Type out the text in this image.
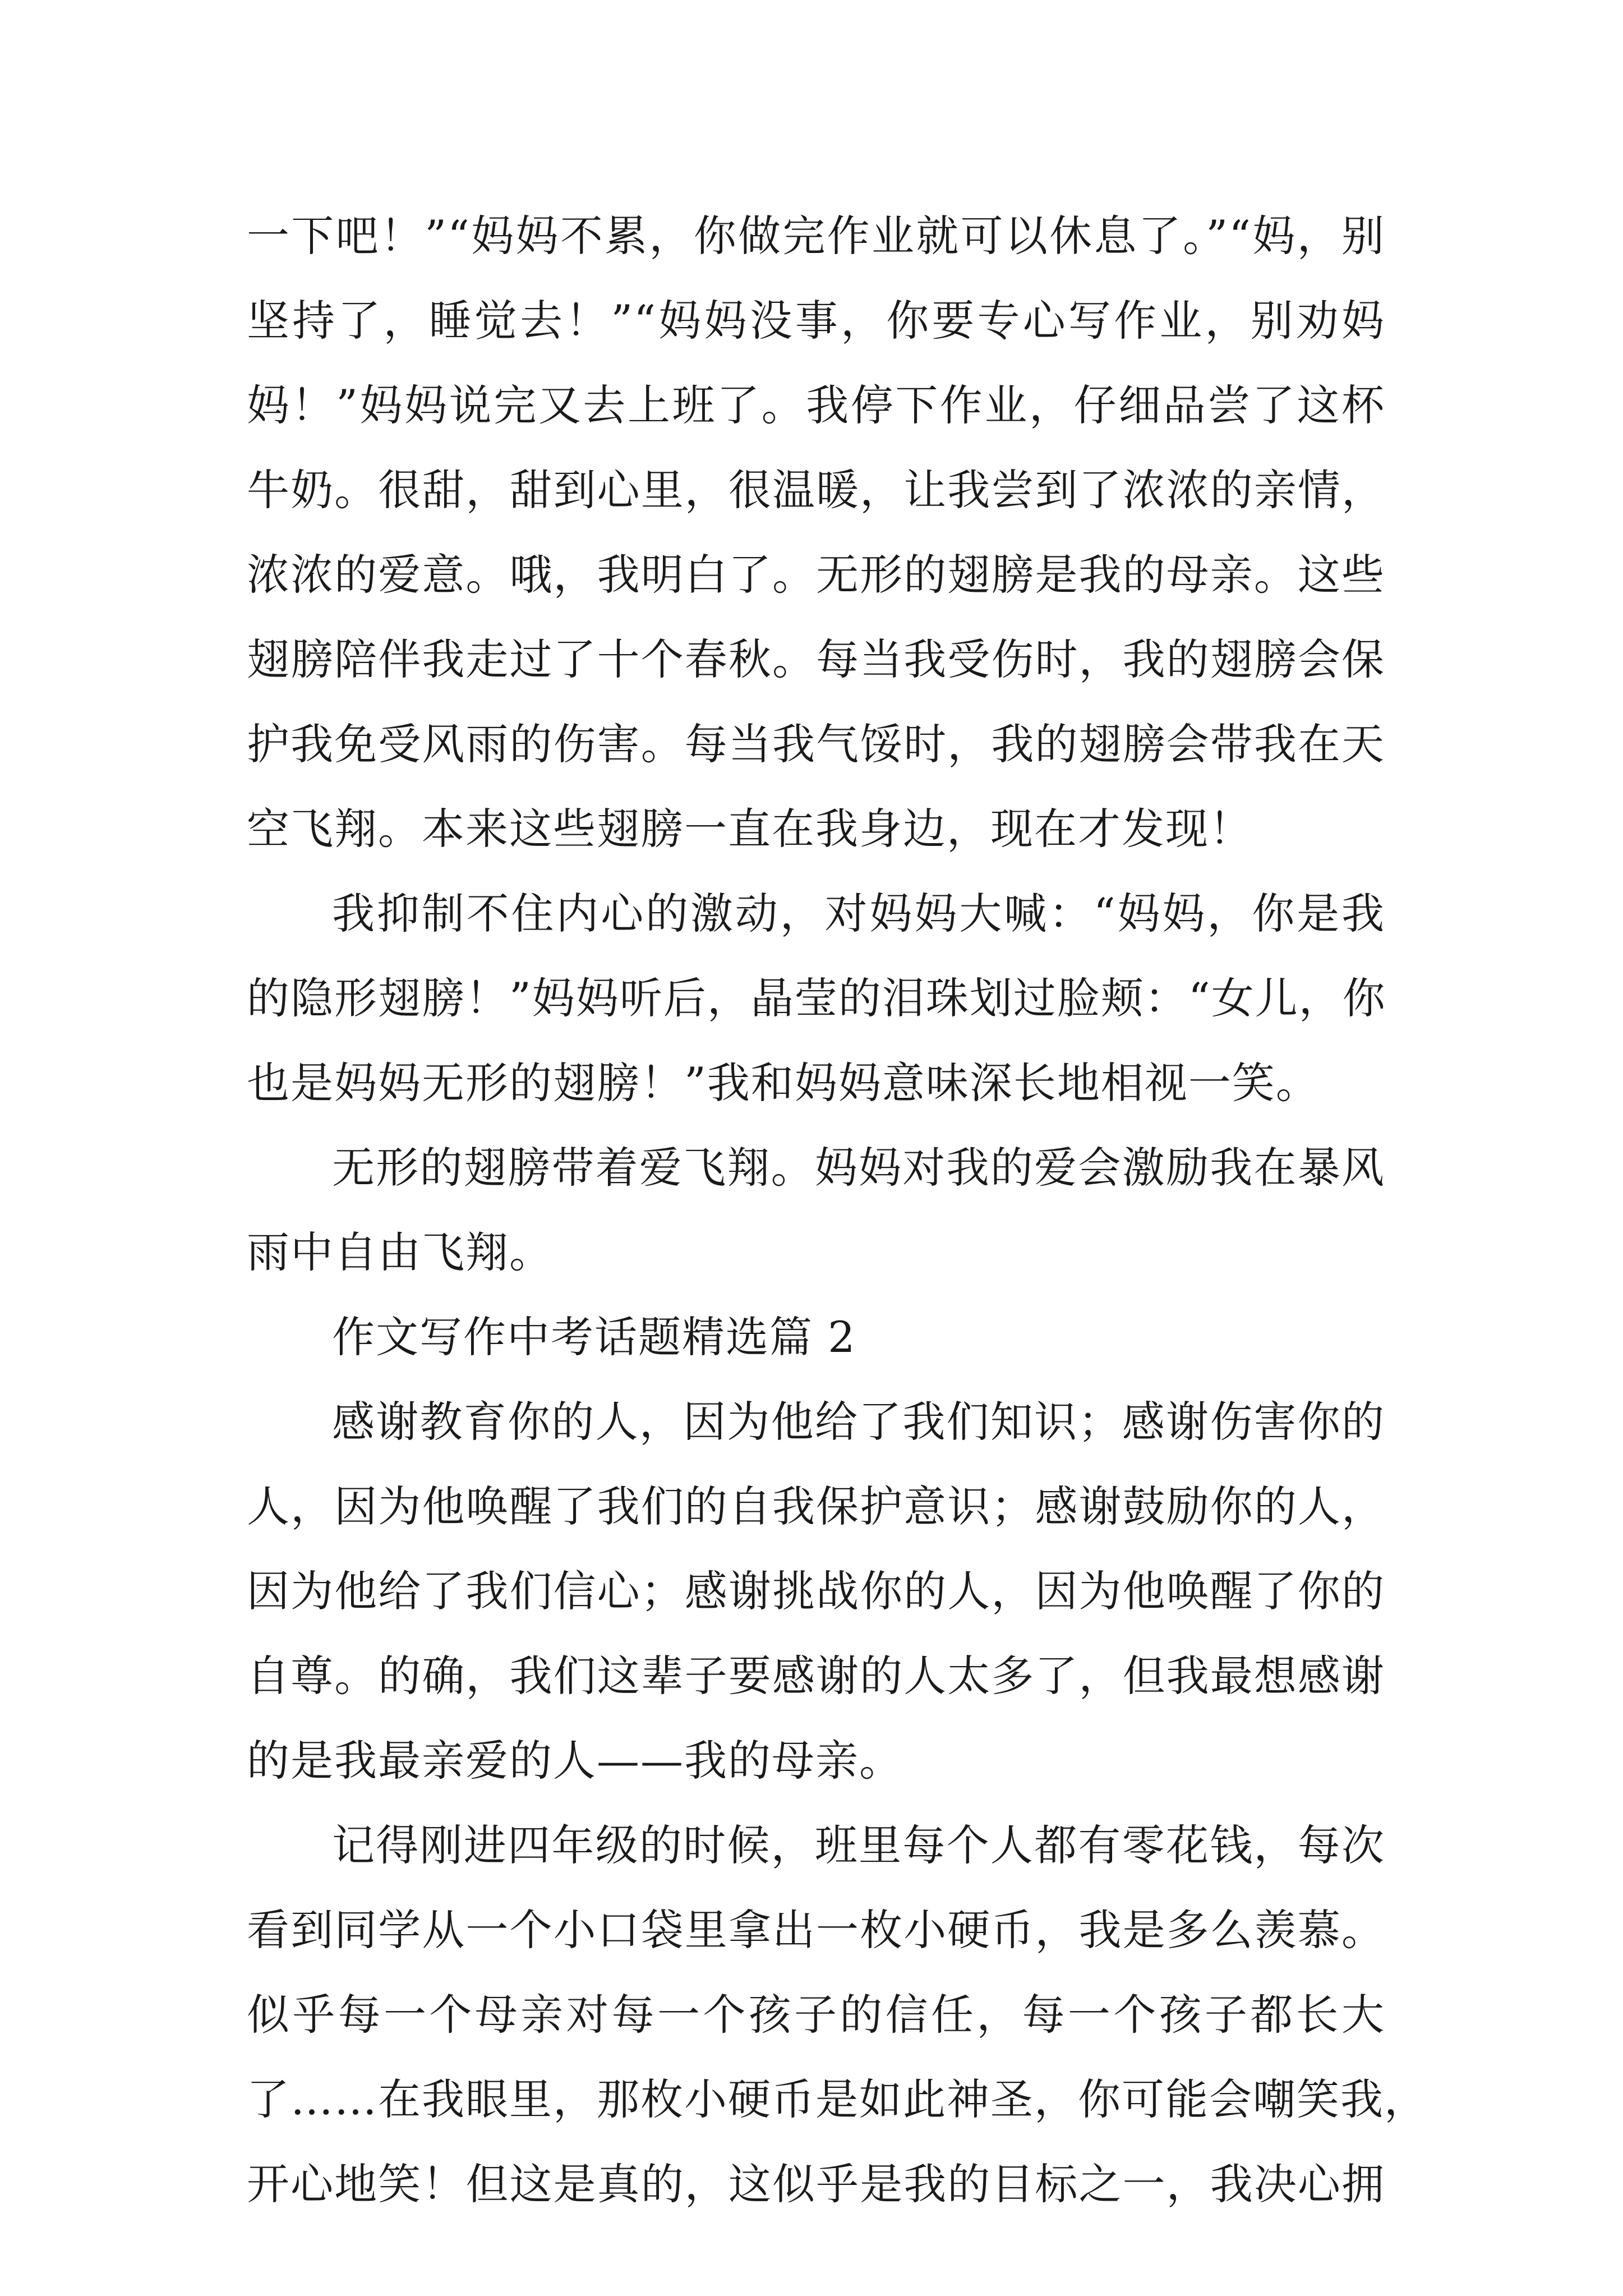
一下吧！”“妈妈不累，你做完作业就可以休息了。”“妈，别
坚持了，睡觉去！”“妈妈没事，你要专心写作业，别劝妈
妈！”妈妈说完又去上班了。我停下作业，仔细品尝了这杯
牛奶。很甜，甜到心里，很温暖，让我尝到了浓浓的亲情，
浓浓的爱意。哦，我明白了。无形的翅膀是我的母亲。这些
翅膀陪伴我走过了十个春秋。每当我受伤时，我的翅膀会保
护我免受风雨的伤害。每当我气馁时，我的翅膀会带我在天
空飞翔。本来这些翅膀一直在我身边，现在才发现！
我抑制不住内心的激动，对妈妈大喊：“妈妈，你是我
的隐形翅膀！”妈妈听后，晶莹的泪珠划过脸颊：“女儿，你
也是妈妈无形的翅膀！”我和妈妈意味深长地相视一笑。
无形的翅膀带着爱飞翔。妈妈对我的爱会激励我在暴风
雨中自由飞翔。
作文写作中考话题精选篇 2
感谢教育你的人，因为他给了我们知识；感谢伤害你的
人，因为他唤醒了我们的自我保护意识；感谢鼓励你的人，
因为他给了我们信心；感谢挑战你的人，因为他唤醒了你的
自尊。的确，我们这辈子要感谢的人太多了，但我最想感谢
的是我最亲爱的人——我的母亲。
记得刚进四年级的时候，班里每个人都有零花钱，每次
看到同学从一个小口袋里拿出一枚小硬币，我是多么羡慕。
似乎每一个母亲对每一个孩子的信任，每一个孩子都长大
了……在我眼里，那枚小硬币是如此神圣，你可能会嘲笑我，
开心地笑！但这是真的，这似乎是我的目标之一，我决心拥
